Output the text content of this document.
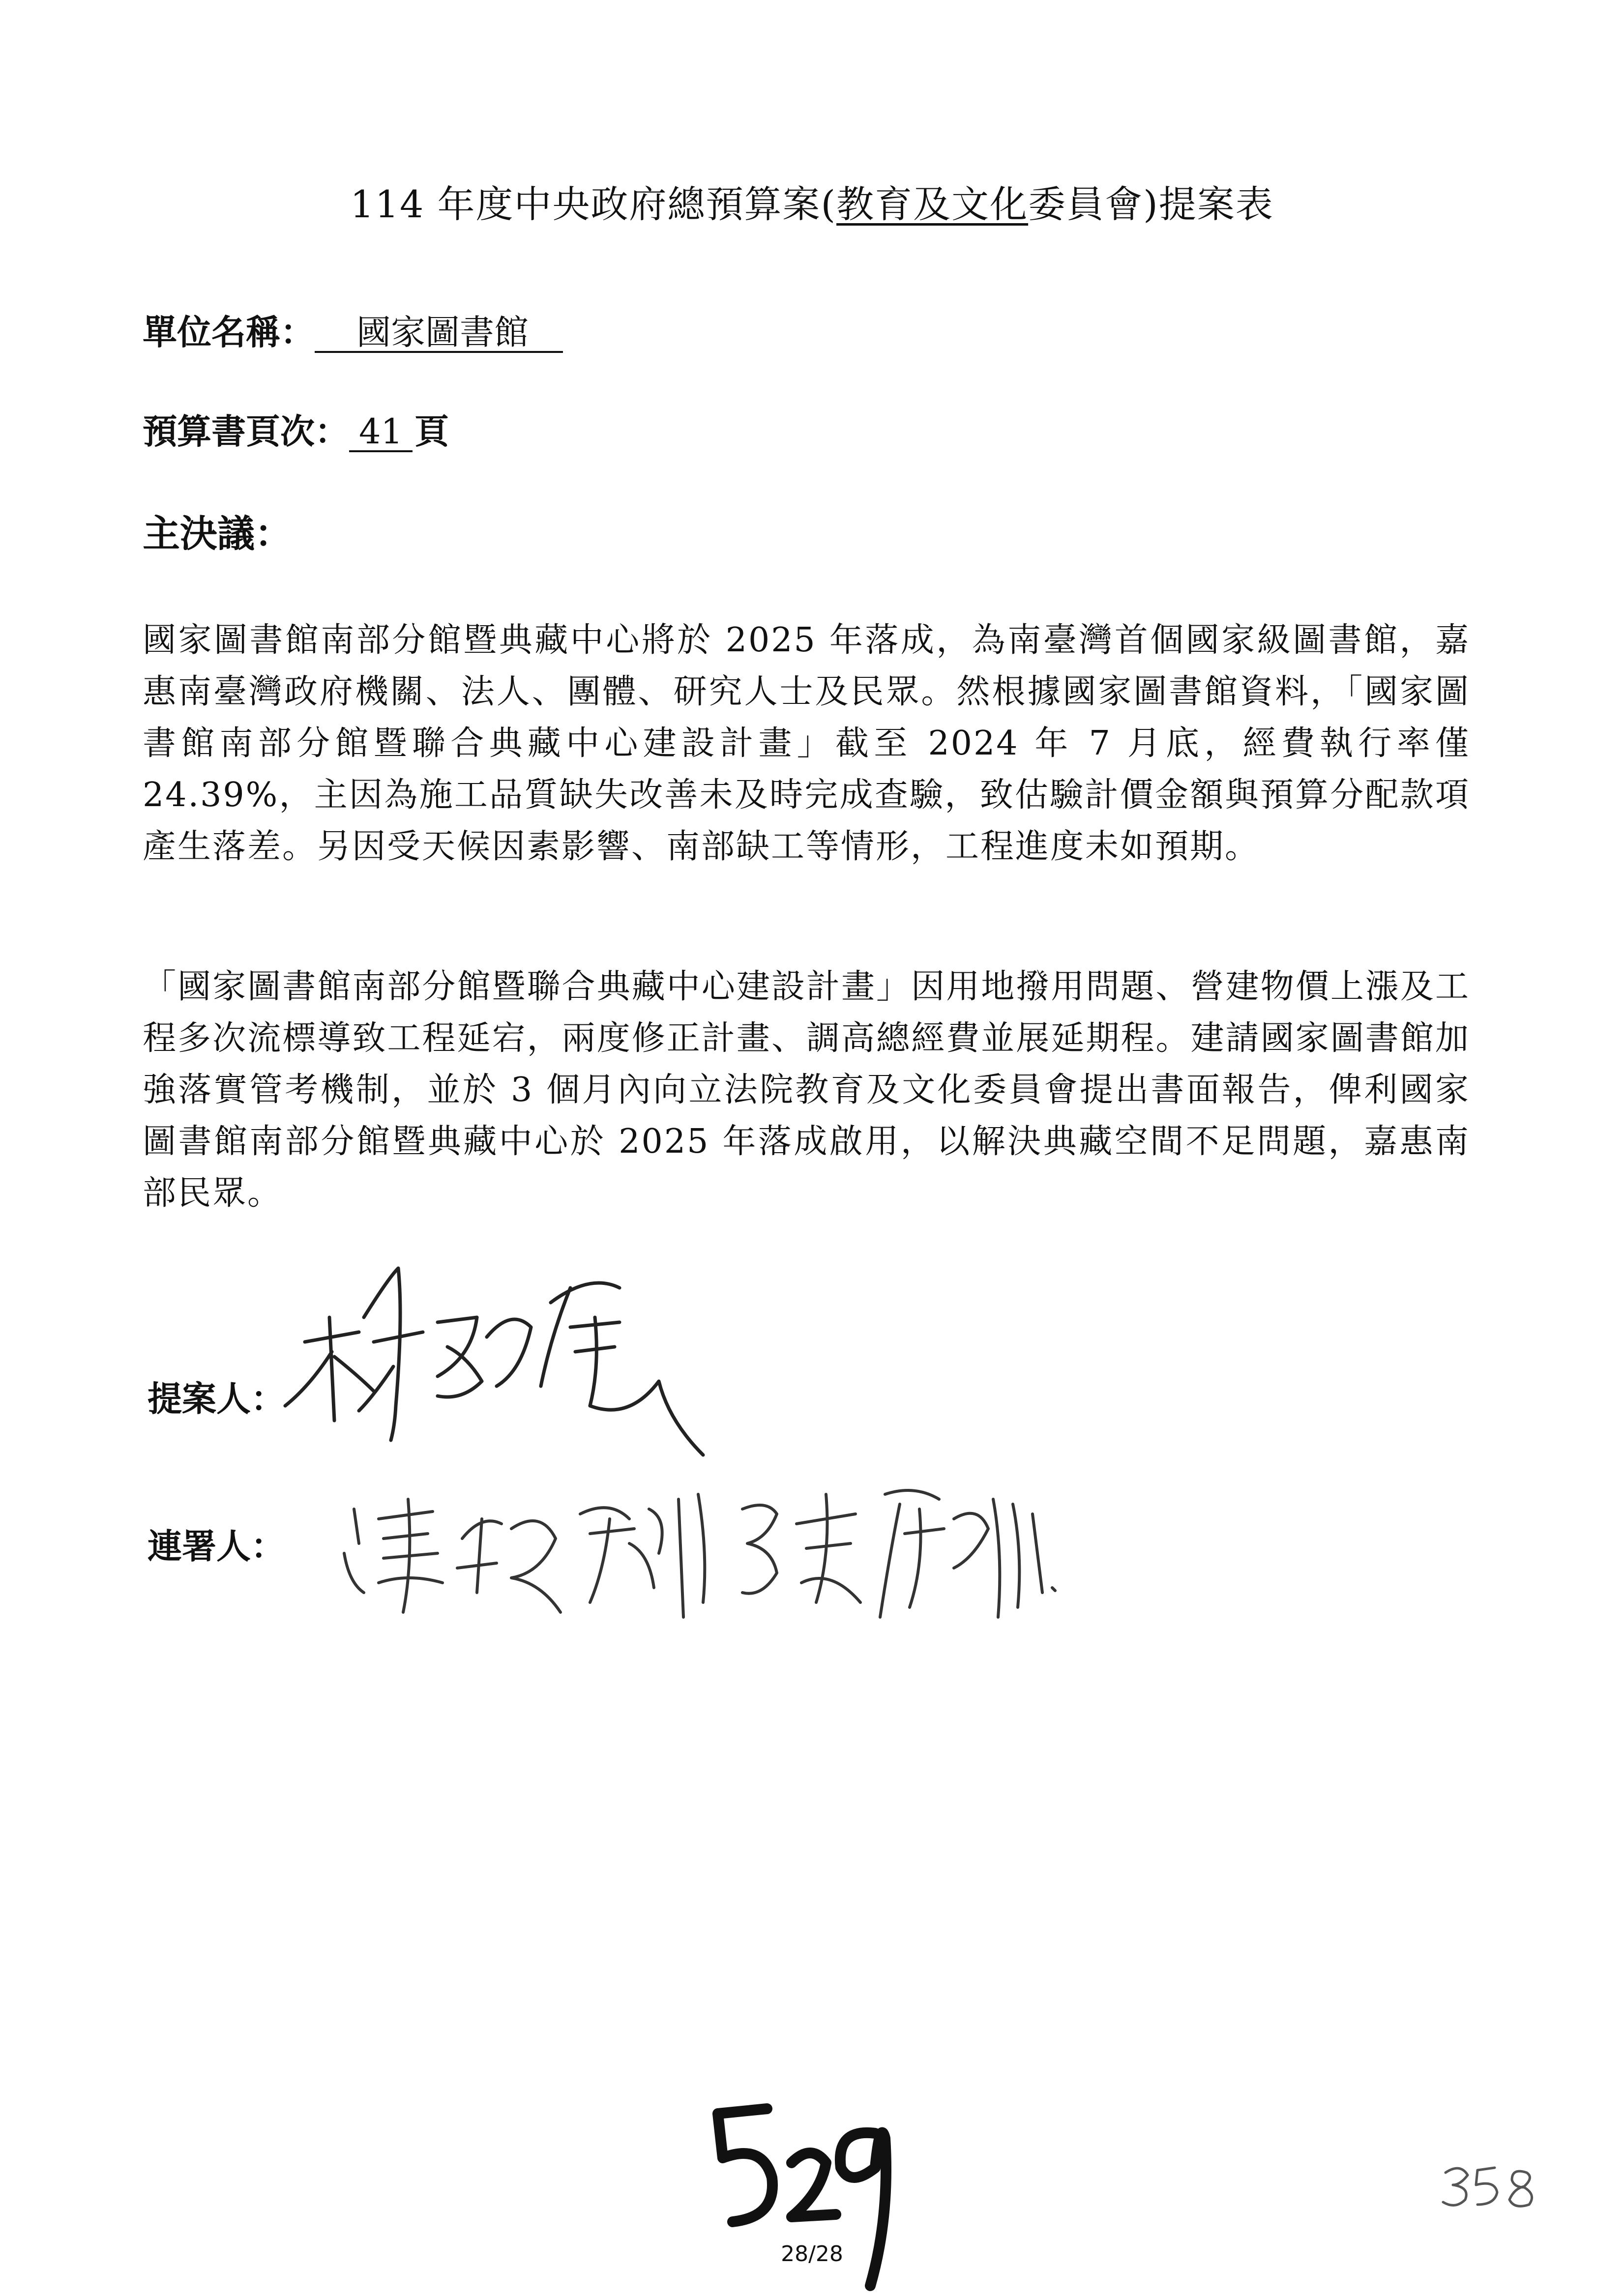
114 年度中央政府總預算案(教育及文化委員會)提案表
單位名稱： 國家圖書館
預算書頁次： 41 頁
主決議：
國家圖書館南部分館暨典藏中心將於 2025 年落成，為南臺灣首個國家級圖書館，嘉惠南臺灣政府機關、法人、團體、研究人士及民眾。然根據國家圖書館資料，「國家圖書館南部分館暨聯合典藏中心建設計畫」截至 2024 年 7 月底，經費執行率僅 24.39%，主因為施工品質缺失改善未及時完成查驗，致估驗計價金額與預算分配款項產生落差。另因受天候因素影響、南部缺工等情形，工程進度未如預期。
「國家圖書館南部分館暨聯合典藏中心建設計畫」因用地撥用問題、營建物價上漲及工程多次流標導致工程延宕，兩度修正計畫、調高總經費並展延期程。建請國家圖書館加強落實管考機制，並於 3 個月內向立法院教育及文化委員會提出書面報告，俾利國家圖書館南部分館暨典藏中心於 2025 年落成啟用，以解決典藏空間不足問題，嘉惠南部民眾。
提案人：
連署人：
28/28
